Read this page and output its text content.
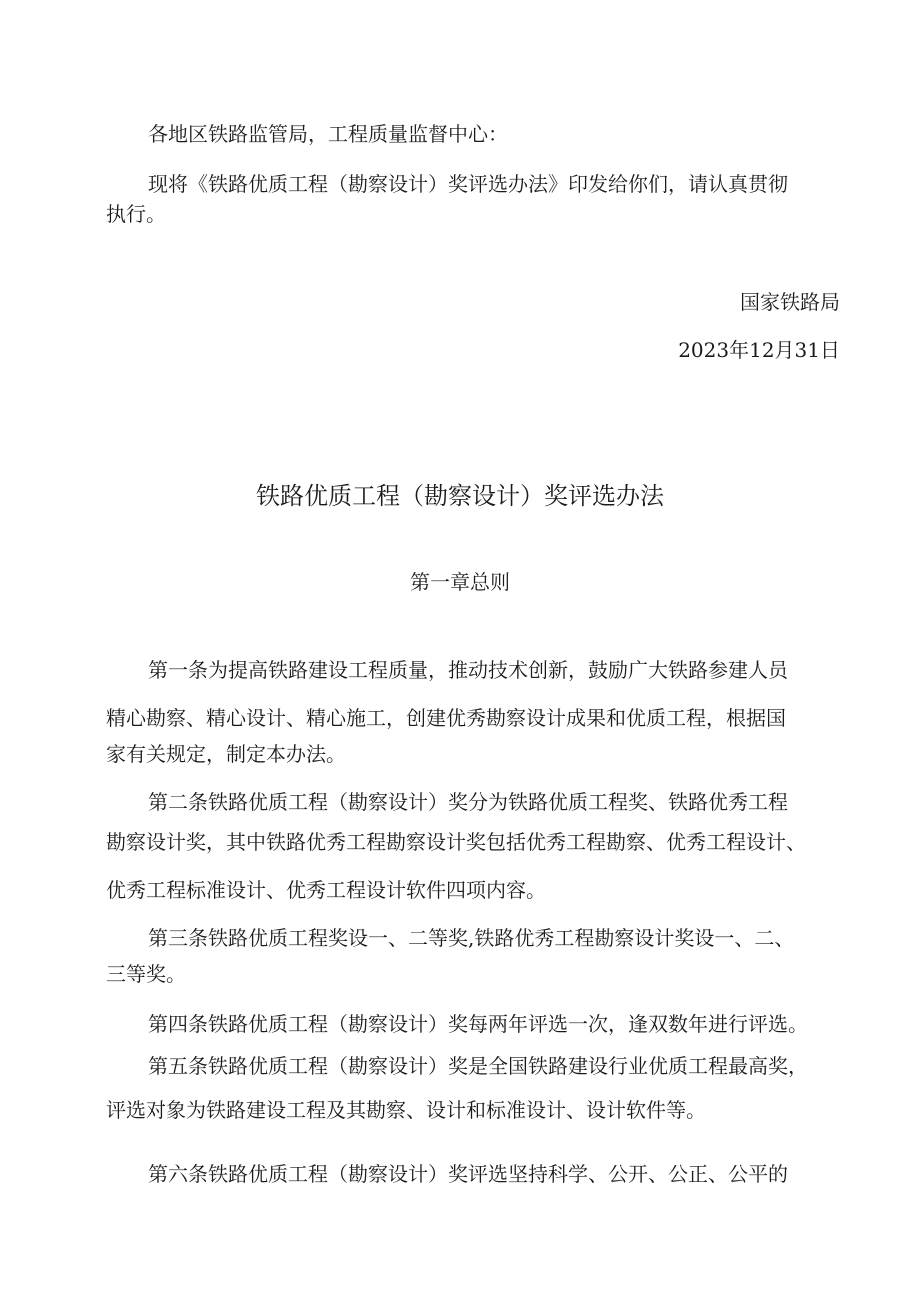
各地区铁路监管局，工程质量监督中心：

现将《铁路优质工程（勘察设计）奖评选办法》印发给你们，请认真贯彻

执行。

国家铁路局

2023年12月31日

铁路优质工程（勘察设计）奖评选办法
第一章总则

第一条为提高铁路建设工程质量，推动技术创新，鼓励广大铁路参建人员

精心勘察、精心设计、精心施工，创建优秀勘察设计成果和优质工程，根据国

家有关规定，制定本办法。

第二条铁路优质工程（勘察设计）奖分为铁路优质工程奖、铁路优秀工程

勘察设计奖，其中铁路优秀工程勘察设计奖包括优秀工程勘察、优秀工程设计、

优秀工程标准设计、优秀工程设计软件四项内容。

第三条铁路优质工程奖设一、二等奖,铁路优秀工程勘察设计奖设一、二、

三等奖。

第四条铁路优质工程（勘察设计）奖每两年评选一次，逢双数年进行评选。

第五条铁路优质工程（勘察设计）奖是全国铁路建设行业优质工程最高奖，

评选对象为铁路建设工程及其勘察、设计和标准设计、设计软件等。

第六条铁路优质工程（勘察设计）奖评选坚持科学、公开、公正、公平的
